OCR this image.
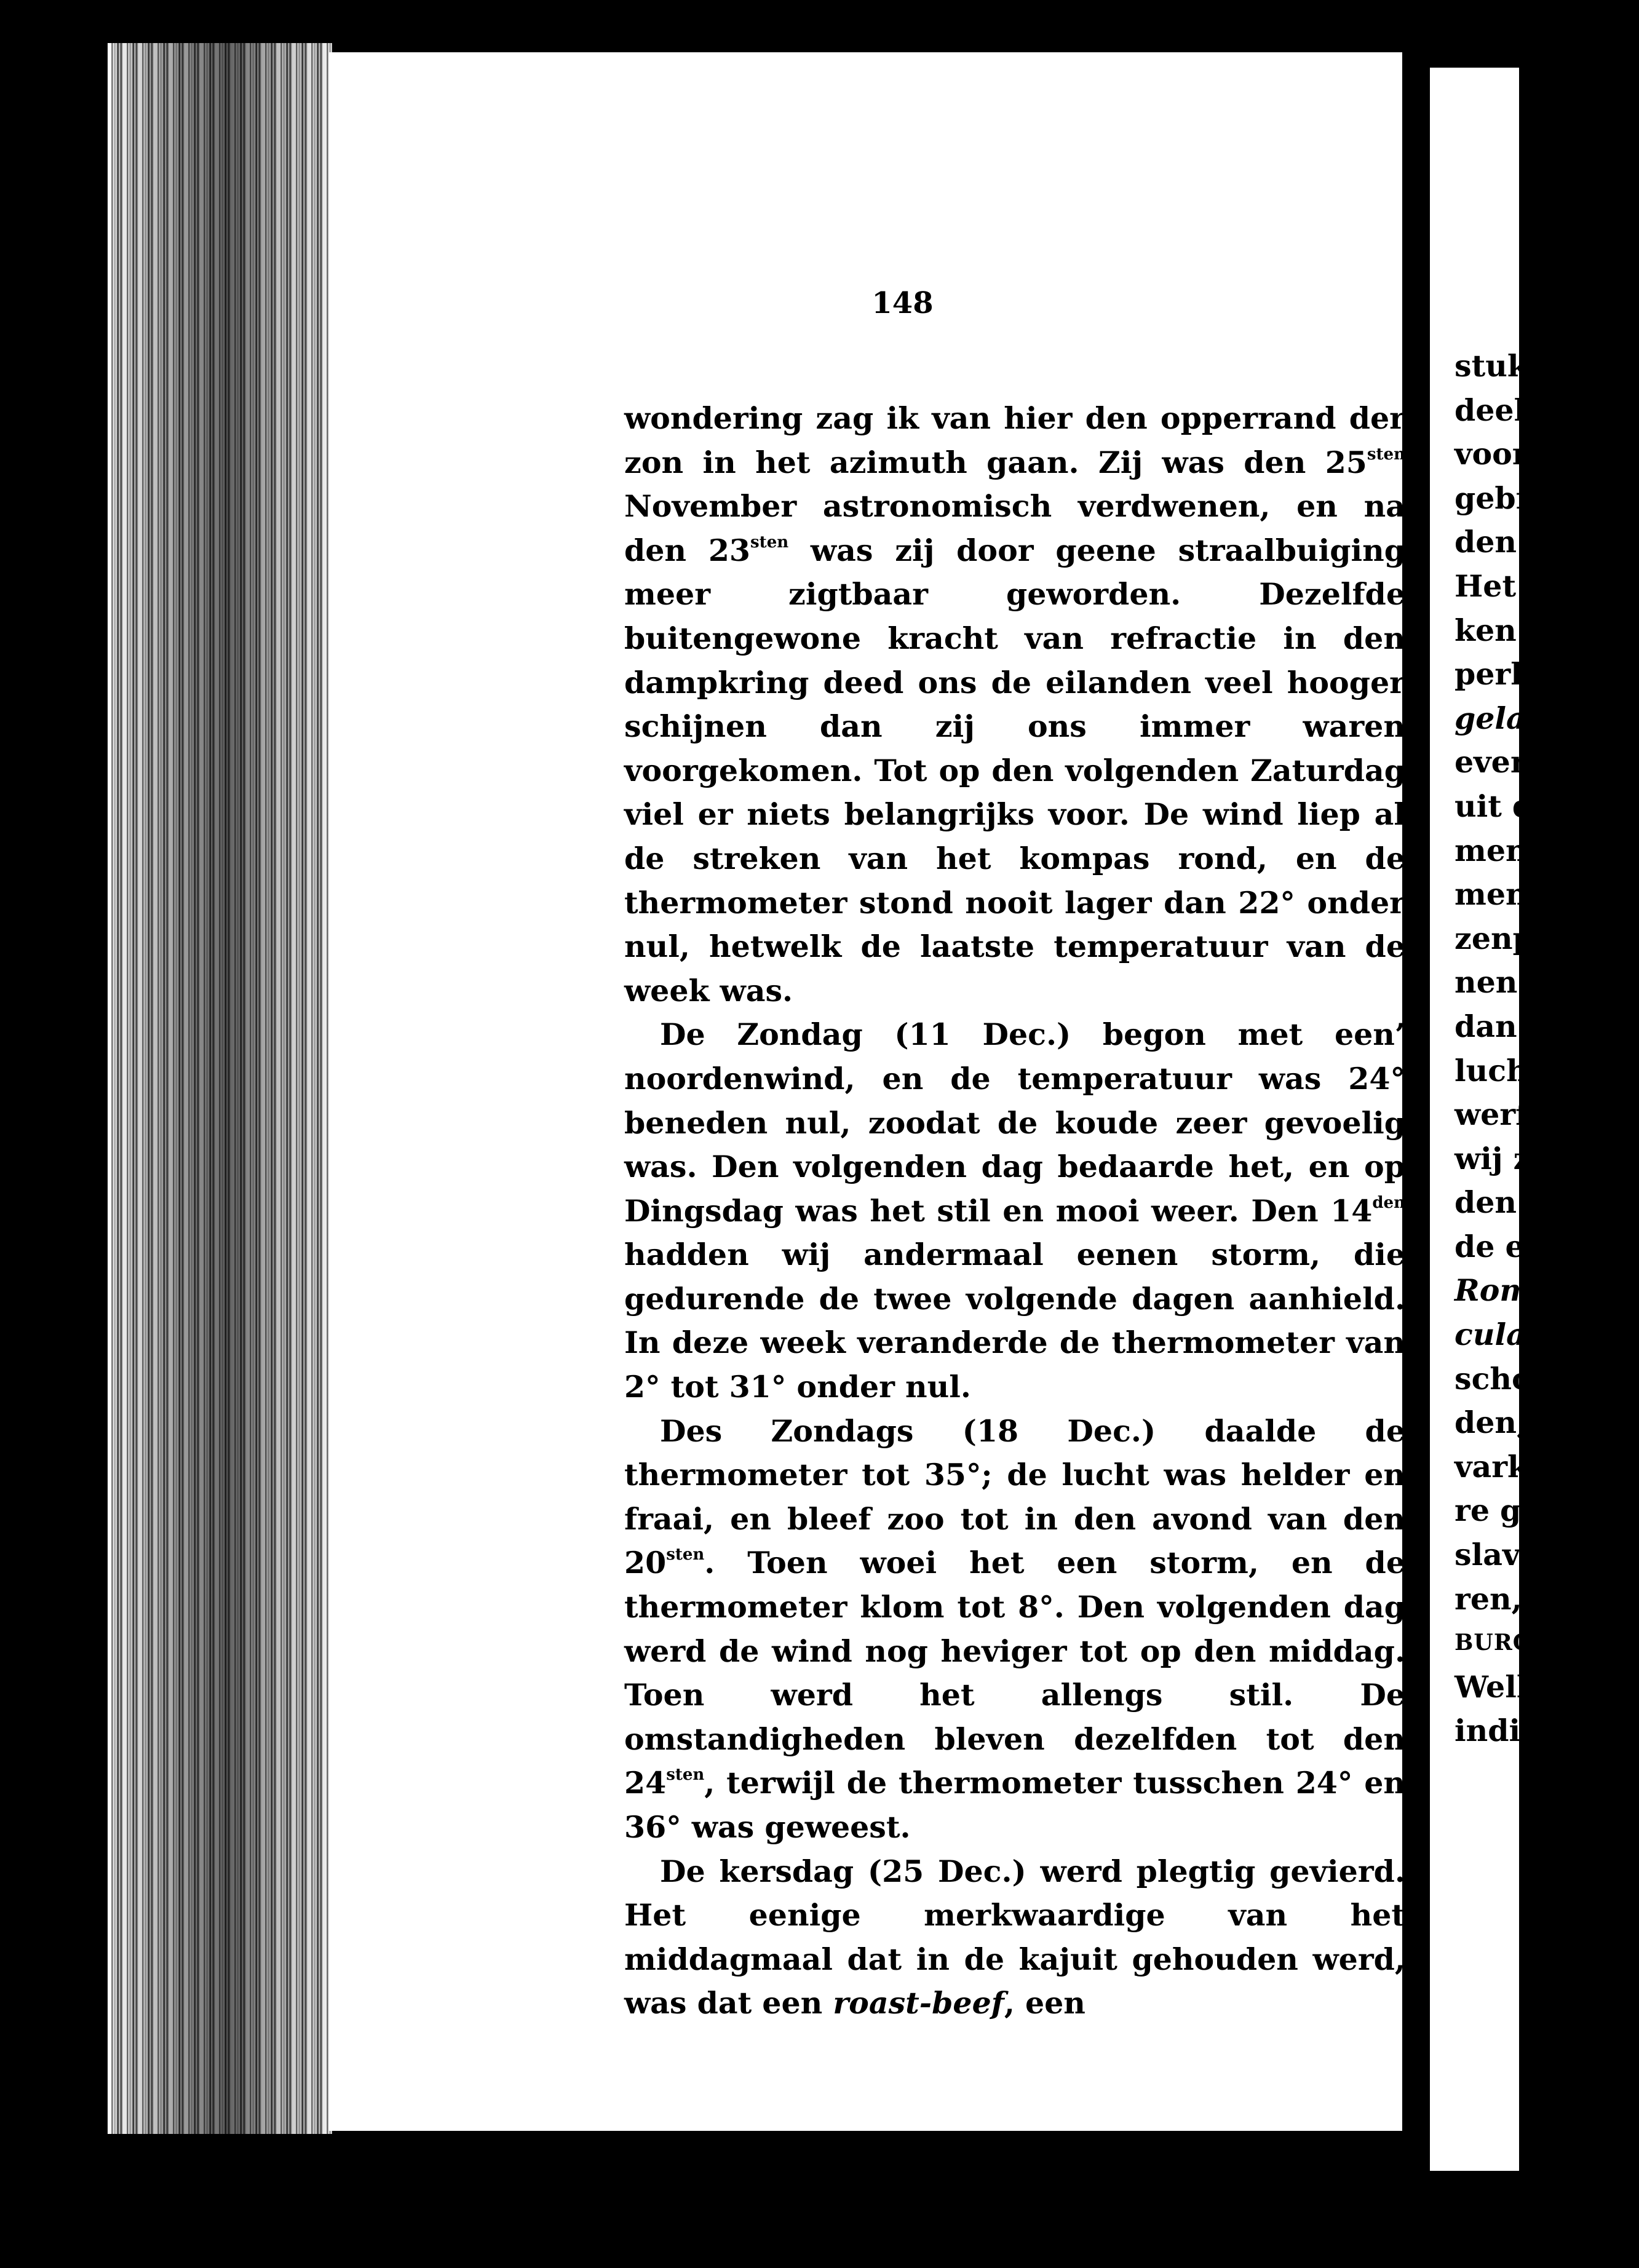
148

wondering zag ik van hier den opperrand der zon in het azimuth gaan. Zij was den $25^{sten}$ November astronomisch verdwenen, en na den $23^{sten}$ was zij door geene straalbuiging meer zigtbaar geworden. Dezelfde buitengewone kracht van refractie in den dampkring deed ons de eilanden veel hooger schijnen dan zij ons immer waren voorgekomen. Tot op den volgenden Zaturdag viel er niets belangrijks voor. De wind liep al de streken van het kompas rond, en de thermometer stond nooit lager dan 22° onder nul, hetwelk de laatste temperatuur van de week was.

De Zondag (11 Dec.) begon met een’ noordenwind, en de temperatuur was 24° beneden nul, zoodat de koude zeer gevoelig was. Den volgenden dag bedaarde het, en op Dingsdag was het stil en mooi weer. Den $14^{den}$ hadden wij andermaal eenen storm, die gedurende de twee volgende dagen aanhield. In deze week veranderde de thermometer van 2° tot 31° onder nul.

Des Zondags (18 Dec.) daalde de thermometer tot 35°; de lucht was helder en fraai, en bleef zoo tot in den avond van den $20^{sten}$. Toen woei het een storm, en de thermometer klom tot 8°. Den volgenden dag werd de wind nog heviger tot op den middag. Toen werd het allengs stil. De omstandigheden bleven dezelfden tot den $24^{sten}$, terwijl de thermometer tusschen 24° en 36° was geweest.

De kersdag (25 Dec.) werd plegtig gevierd. Het eenige merkwaardige van het middagmaal dat in de kajuit gehouden werd, was dat een roast-beef, een

stuk
deelt
voor
gebra
den
Het
ken h
perkt
geland
even
uit de
men
men v
zenpep
nen s
dan o
luchtdi
werf h
wij zo
den He
de eige
Rome b
culaneu
schotel
den, b
varken
re gebr
slaven g
ren, een
BURGESS,
Welk e
indien z
